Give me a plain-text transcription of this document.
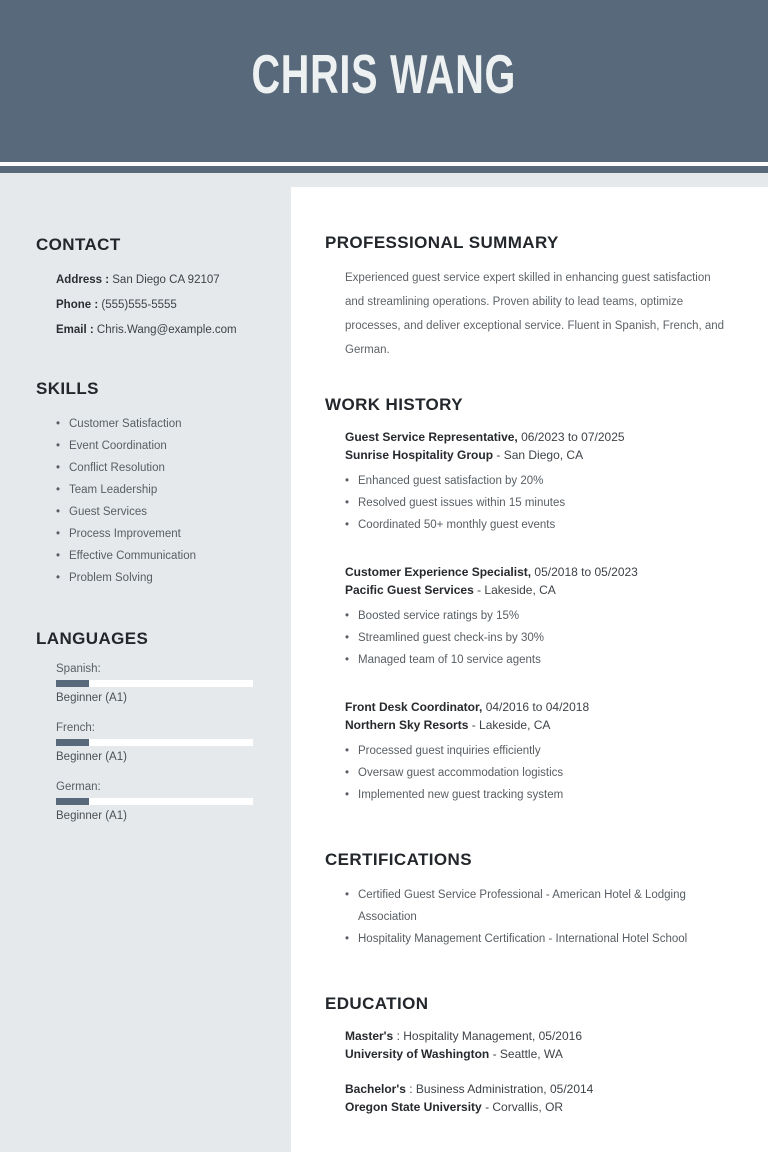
CHRIS WANG
CONTACT
Address : San Diego CA 92107
Phone : (555)555-5555
Email : Chris.Wang@example.com
SKILLS
• Customer Satisfaction
• Event Coordination
• Conflict Resolution
• Team Leadership
• Guest Services
• Process Improvement
• Effective Communication
• Problem Solving
LANGUAGES
Spanish:
Beginner (A1)
French:
Beginner (A1)
German:
Beginner (A1)
PROFESSIONAL SUMMARY
Experienced guest service expert skilled in enhancing guest satisfaction and streamlining operations. Proven ability to lead teams, optimize processes, and deliver exceptional service. Fluent in Spanish, French, and German.
WORK HISTORY
Guest Service Representative, 06/2023 to 07/2025
Sunrise Hospitality Group - San Diego, CA
• Enhanced guest satisfaction by 20%
• Resolved guest issues within 15 minutes
• Coordinated 50+ monthly guest events
Customer Experience Specialist, 05/2018 to 05/2023
Pacific Guest Services - Lakeside, CA
• Boosted service ratings by 15%
• Streamlined guest check-ins by 30%
• Managed team of 10 service agents
Front Desk Coordinator, 04/2016 to 04/2018
Northern Sky Resorts - Lakeside, CA
• Processed guest inquiries efficiently
• Oversaw guest accommodation logistics
• Implemented new guest tracking system
CERTIFICATIONS
• Certified Guest Service Professional - American Hotel & Lodging Association
• Hospitality Management Certification - International Hotel School
EDUCATION
Master's : Hospitality Management, 05/2016
University of Washington - Seattle, WA
Bachelor's : Business Administration, 05/2014
Oregon State University - Corvallis, OR
